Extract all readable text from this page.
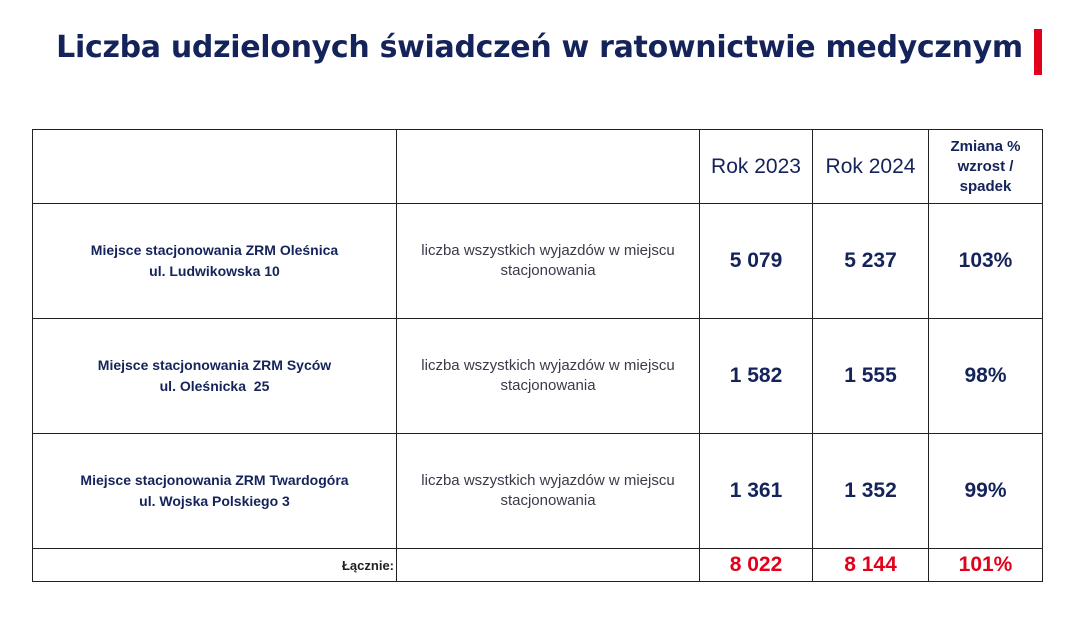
Liczba udzielonych świadczeń w ratownictwie medycznym
		Rok 2023	Rok 2024	Zmiana %
wzrost /
spadek

Miejsce stacjonowania ZRM Oleśnica
ul. Ludwikowska 10	liczba wszystkich wyjazdów w miejscu
stacjonowania	5 079	5 237	103%

Miejsce stacjonowania ZRM Syców
ul. Oleśnicka  25	liczba wszystkich wyjazdów w miejscu
stacjonowania	1 582	1 555	98%

Miejsce stacjonowania ZRM Twardogóra
ul. Wojska Polskiego 3	liczba wszystkich wyjazdów w miejscu
stacjonowania	1 361	1 352	99%
Łącznie:		8 022	8 144	101%
